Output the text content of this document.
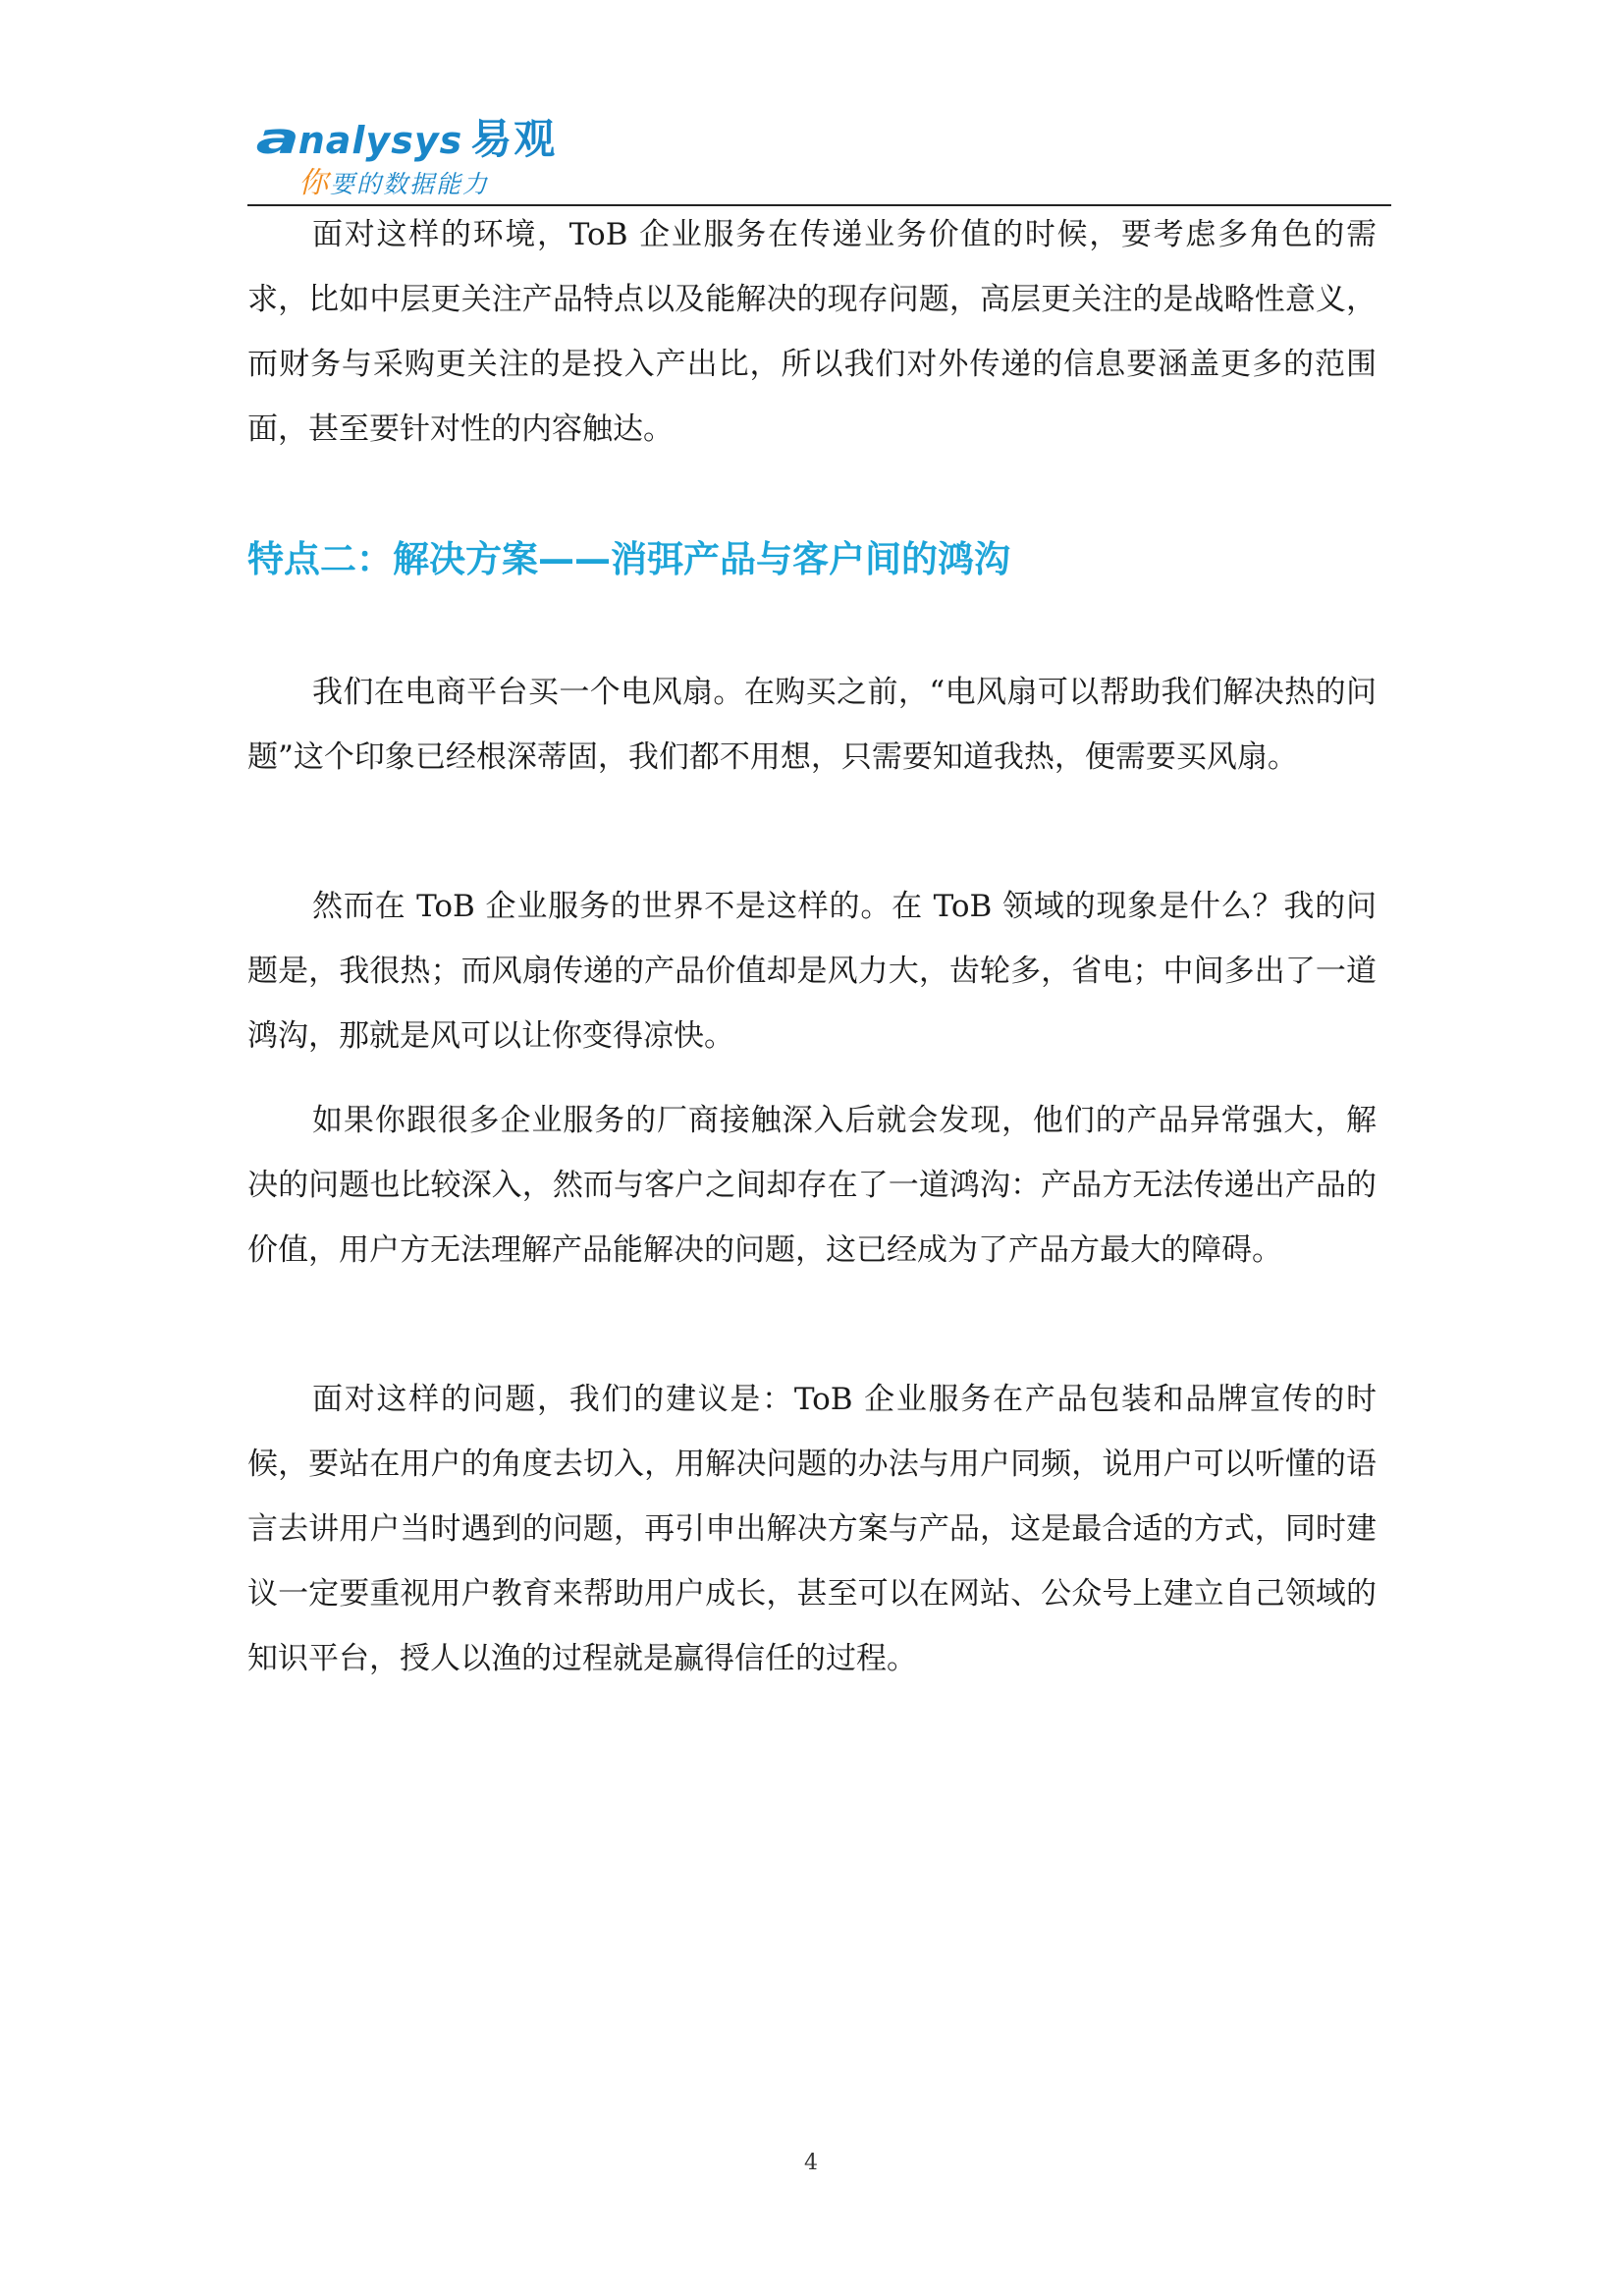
analysys 易观
你要的数据能力

面对这样的环境，ToB 企业服务在传递业务价值的时候，要考虑多角色的需求，比如中层更关注产品特点以及能解决的现存问题，高层更关注的是战略性意义，而财务与采购更关注的是投入产出比，所以我们对外传递的信息要涵盖更多的范围面，甚至要针对性的内容触达。

特点二：解决方案——消弭产品与客户间的鸿沟

我们在电商平台买一个电风扇。在购买之前，“电风扇可以帮助我们解决热的问题”这个印象已经根深蒂固，我们都不用想，只需要知道我热，便需要买风扇。

然而在 ToB 企业服务的世界不是这样的。在 ToB 领域的现象是什么？我的问题是，我很热；而风扇传递的产品价值却是风力大，齿轮多，省电；中间多出了一道鸿沟，那就是风可以让你变得凉快。

如果你跟很多企业服务的厂商接触深入后就会发现，他们的产品异常强大，解决的问题也比较深入，然而与客户之间却存在了一道鸿沟：产品方无法传递出产品的价值，用户方无法理解产品能解决的问题，这已经成为了产品方最大的障碍。

面对这样的问题，我们的建议是：ToB 企业服务在产品包装和品牌宣传的时候，要站在用户的角度去切入，用解决问题的办法与用户同频，说用户可以听懂的语言去讲用户当时遇到的问题，再引申出解决方案与产品，这是最合适的方式，同时建议一定要重视用户教育来帮助用户成长，甚至可以在网站、公众号上建立自己领域的知识平台，授人以渔的过程就是赢得信任的过程。

4
